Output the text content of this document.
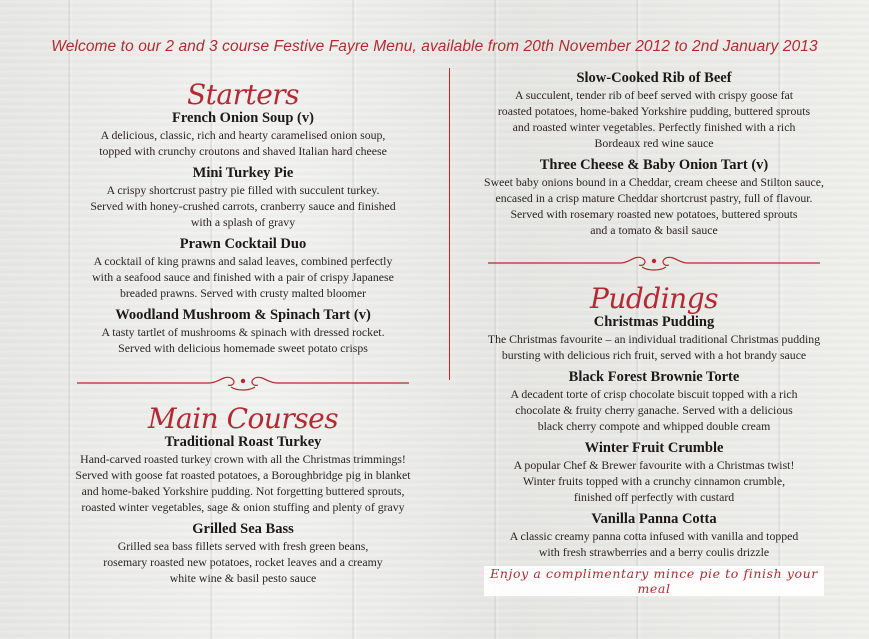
Welcome to our 2 and 3 course Festive Fayre Menu, available from 20th November 2012 to 2nd January 2013
Starters
French Onion Soup (v)
A delicious, classic, rich and hearty caramelised onion soup,
topped with crunchy croutons and shaved Italian hard cheese
Mini Turkey Pie
A crispy shortcrust pastry pie filled with succulent turkey.
Served with honey-crushed carrots, cranberry sauce and finished
with a splash of gravy
Prawn Cocktail Duo
A cocktail of king prawns and salad leaves, combined perfectly
with a seafood sauce and finished with a pair of crispy Japanese
breaded prawns. Served with crusty malted bloomer
Woodland Mushroom & Spinach Tart (v)
A tasty tartlet of mushrooms & spinach with dressed rocket.
Served with delicious homemade sweet potato crisps
Main Courses
Traditional Roast Turkey
Hand-carved roasted turkey crown with all the Christmas trimmings!
Served with goose fat roasted potatoes, a Boroughbridge pig in blanket
and home-baked Yorkshire pudding. Not forgetting buttered sprouts,
roasted winter vegetables, sage & onion stuffing and plenty of gravy
Grilled Sea Bass
Grilled sea bass fillets served with fresh green beans,
rosemary roasted new potatoes, rocket leaves and a creamy
white wine & basil pesto sauce
Slow-Cooked Rib of Beef
A succulent, tender rib of beef served with crispy goose fat
roasted potatoes, home-baked Yorkshire pudding, buttered sprouts
and roasted winter vegetables. Perfectly finished with a rich
Bordeaux red wine sauce
Three Cheese & Baby Onion Tart (v)
Sweet baby onions bound in a Cheddar, cream cheese and Stilton sauce,
encased in a crisp mature Cheddar shortcrust pastry, full of flavour.
Served with rosemary roasted new potatoes, buttered sprouts
and a tomato & basil sauce
Puddings
Christmas Pudding
The Christmas favourite – an individual traditional Christmas pudding
bursting with delicious rich fruit, served with a hot brandy sauce
Black Forest Brownie Torte
A decadent torte of crisp chocolate biscuit topped with a rich
chocolate & fruity cherry ganache. Served with a delicious
black cherry compote and whipped double cream
Winter Fruit Crumble
A popular Chef & Brewer favourite with a Christmas twist!
Winter fruits topped with a crunchy cinnamon crumble,
finished off perfectly with custard
Vanilla Panna Cotta
A classic creamy panna cotta infused with vanilla and topped
with fresh strawberries and a berry coulis drizzle
Enjoy a complimentary mince pie to finish your meal
